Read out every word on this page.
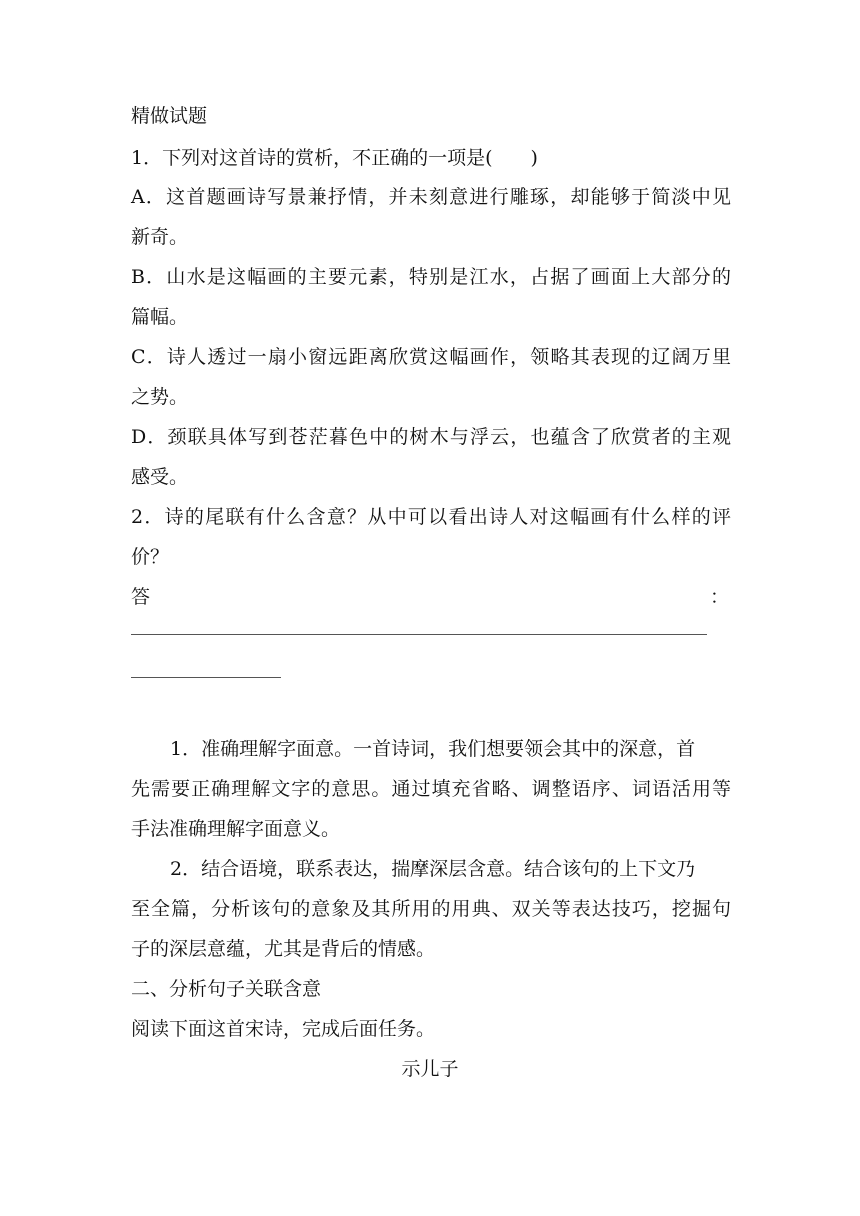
精做试题
1．下列对这首诗的赏析，不正确的一项是(　　)
A．这首题画诗写景兼抒情，并未刻意进行雕琢，却能够于简淡中见
新奇。
B．山水是这幅画的主要元素，特别是江水，占据了画面上大部分的
篇幅。
C．诗人透过一扇小窗远距离欣赏这幅画作，领略其表现的辽阔万里
之势。
D．颈联具体写到苍茫暮色中的树木与浮云，也蕴含了欣赏者的主观
感受。
2．诗的尾联有什么含意？从中可以看出诗人对这幅画有什么样的评
价？
答	：
1．准确理解字面意。一首诗词，我们想要领会其中的深意，首
先需要正确理解文字的意思。通过填充省略、调整语序、词语活用等
手法准确理解字面意义。
2．结合语境，联系表达，揣摩深层含意。结合该句的上下文乃
至全篇，分析该句的意象及其所用的用典、双关等表达技巧，挖掘句
子的深层意蕴，尤其是背后的情感。
二、分析句子关联含意
阅读下面这首宋诗，完成后面任务。
示儿子
